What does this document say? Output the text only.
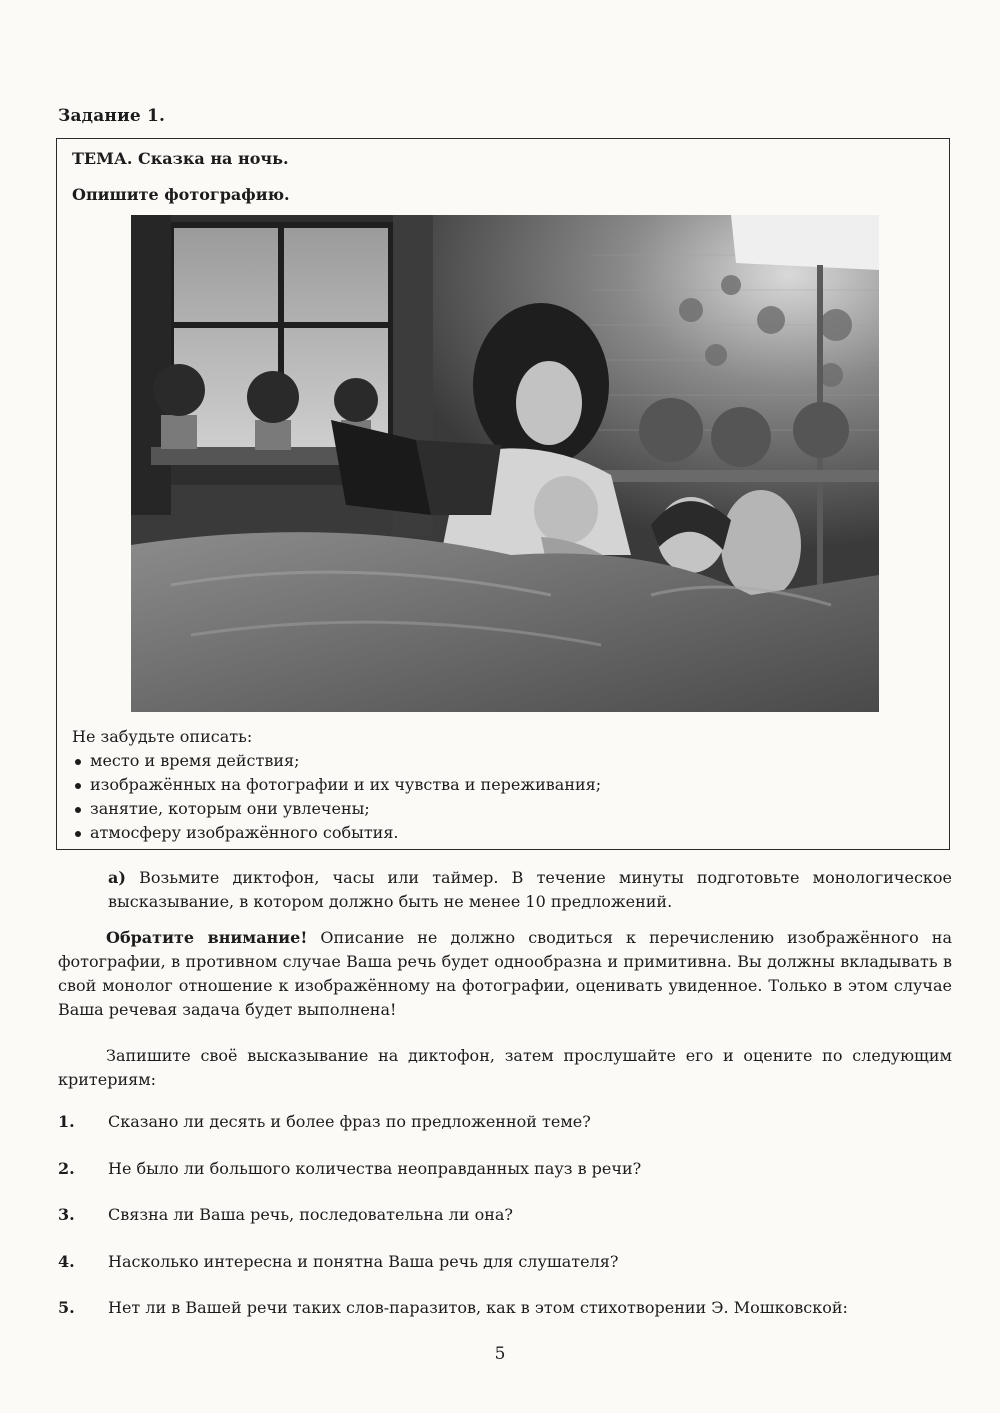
Задание 1.
ТЕМА. Сказка на ночь.
Опишите фотографию.
Не забудьте описать:
место и время действия;
изображённых на фотографии и их чувства и переживания;
занятие, которым они увлечены;
атмосферу изображённого события.
а) Возьмите диктофон, часы или таймер. В течение минуты подготовьте монологическое высказывание, в котором должно быть не менее 10 предложений.
Обратите внимание! Описание не должно сводиться к перечислению изображённого на фотографии, в противном случае Ваша речь будет однообразна и примитивна. Вы должны вкладывать в свой монолог отношение к изображённому на фотографии, оценивать увиденное. Только в этом случае Ваша речевая задача будет выполнена!
Запишите своё высказывание на диктофон, затем прослушайте его и оцените по следующим критериям:
1.	Сказано ли десять и более фраз по предложенной теме?
2.	Не было ли большого количества неоправданных пауз в речи?
3.	Связна ли Ваша речь, последовательна ли она?
4.	Насколько интересна и понятна Ваша речь для слушателя?
5.	Нет ли в Вашей речи таких слов-паразитов, как в этом стихотворении Э. Мошковской:
5
